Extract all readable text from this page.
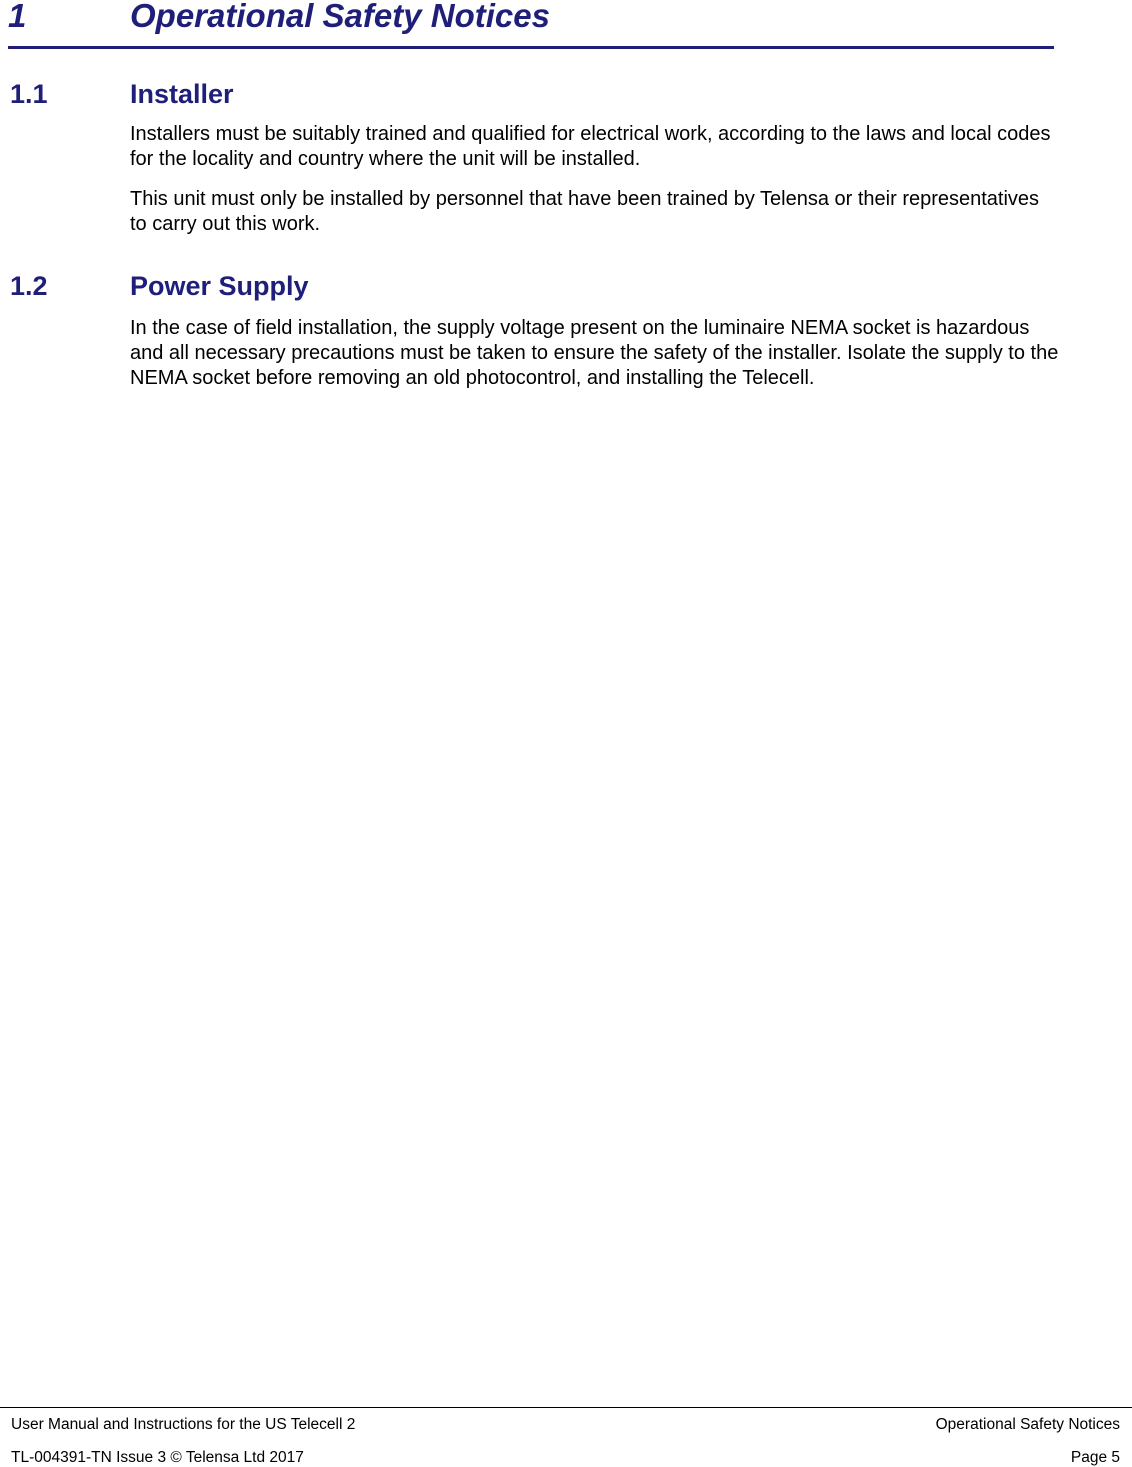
1	Operational Safety Notices
1.1	Installer

Installers must be suitably trained and qualified for electrical work, according to the laws and local codes for the locality and country where the unit will be installed.

This unit must only be installed by personnel that have been trained by Telensa or their representatives to carry out this work.

1.2	Power Supply

In the case of field installation, the supply voltage present on the luminaire NEMA socket is hazardous and all necessary precautions must be taken to ensure the safety of the installer. Isolate the supply to the NEMA socket before removing an old photocontrol, and installing the Telecell.

User Manual and Instructions for the US Telecell 2	Operational Safety Notices
TL-004391-TN Issue 3 © Telensa Ltd 2017	Page 5
